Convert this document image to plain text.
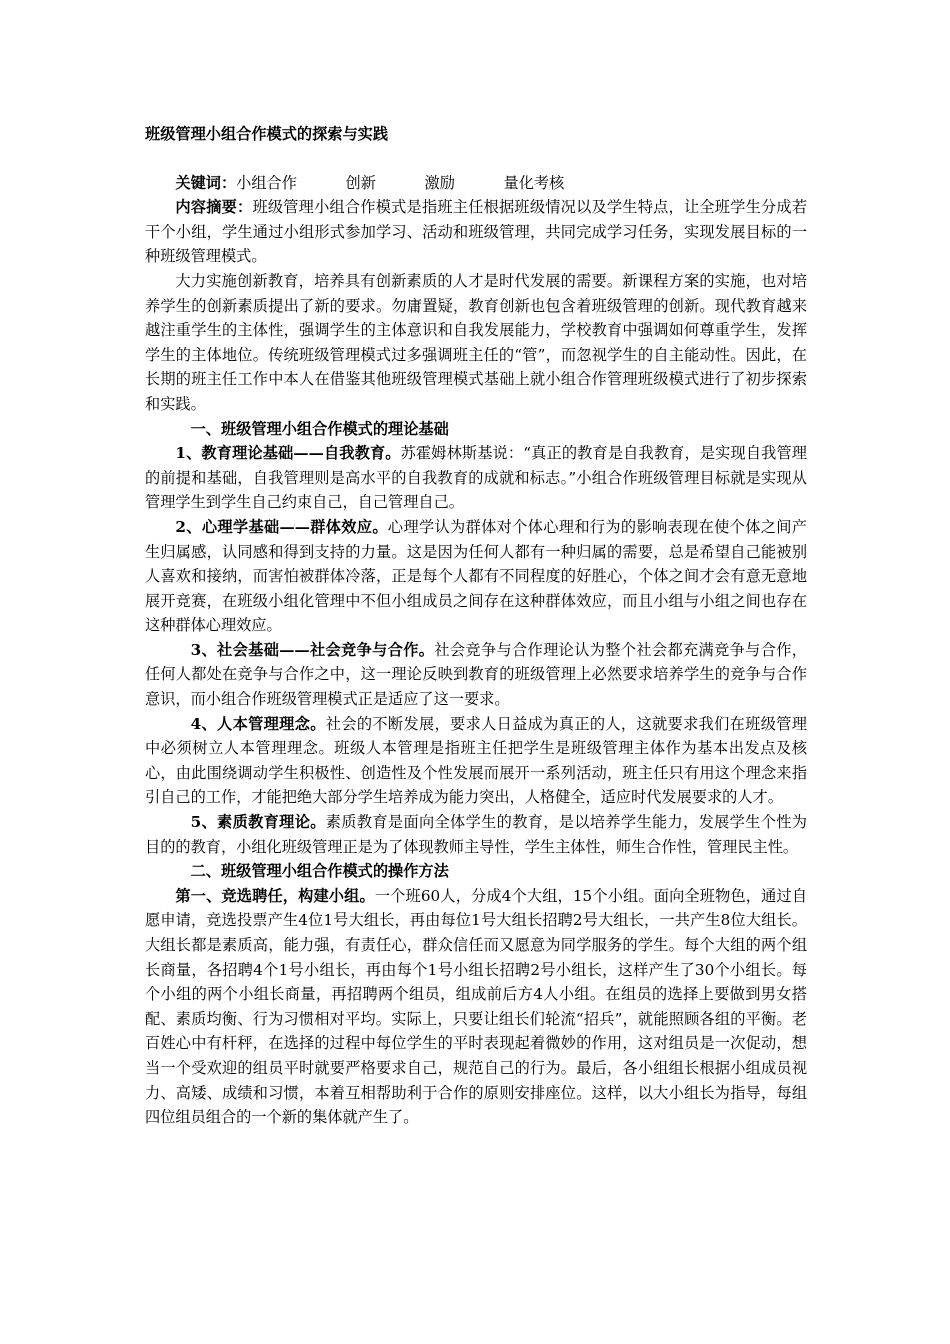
班级管理小组合作模式的探索与实践

关键词：小组合作	创新	激励	量化考核

内容摘要：班级管理小组合作模式是指班主任根据班级情况以及学生特点，让全班学生分成若干个小组，学生通过小组形式参加学习、活动和班级管理，共同完成学习任务，实现发展目标的一种班级管理模式。

大力实施创新教育，培养具有创新素质的人才是时代发展的需要。新课程方案的实施，也对培养学生的创新素质提出了新的要求。勿庸置疑，教育创新也包含着班级管理的创新。现代教育越来越注重学生的主体性，强调学生的主体意识和自我发展能力，学校教育中强调如何尊重学生，发挥学生的主体地位。传统班级管理模式过多强调班主任的“管”，而忽视学生的自主能动性。因此，在长期的班主任工作中本人在借鉴其他班级管理模式基础上就小组合作管理班级模式进行了初步探索和实践。

一、班级管理小组合作模式的理论基础

1、教育理论基础——自我教育。苏霍姆林斯基说：“真正的教育是自我教育，是实现自我管理的前提和基础，自我管理则是高水平的自我教育的成就和标志。”小组合作班级管理目标就是实现从管理学生到学生自己约束自己，自己管理自己。

2、心理学基础——群体效应。心理学认为群体对个体心理和行为的影响表现在使个体之间产生归属感，认同感和得到支持的力量。这是因为任何人都有一种归属的需要，总是希望自己能被别人喜欢和接纳，而害怕被群体冷落，正是每个人都有不同程度的好胜心，个体之间才会有意无意地展开竞赛，在班级小组化管理中不但小组成员之间存在这种群体效应，而且小组与小组之间也存在这种群体心理效应。

3、社会基础——社会竞争与合作。社会竞争与合作理论认为整个社会都充满竞争与合作，任何人都处在竞争与合作之中，这一理论反映到教育的班级管理上必然要求培养学生的竞争与合作意识，而小组合作班级管理模式正是适应了这一要求。

4、人本管理理念。社会的不断发展，要求人日益成为真正的人，这就要求我们在班级管理中必须树立人本管理理念。班级人本管理是指班主任把学生是班级管理主体作为基本出发点及核心，由此围绕调动学生积极性、创造性及个性发展而展开一系列活动，班主任只有用这个理念来指引自己的工作，才能把绝大部分学生培养成为能力突出，人格健全，适应时代发展要求的人才。

5、素质教育理论。素质教育是面向全体学生的教育，是以培养学生能力，发展学生个性为目的的教育，小组化班级管理正是为了体现教师主导性，学生主体性，师生合作性，管理民主性。

二、班级管理小组合作模式的操作方法

第一、竞选聘任，构建小组。一个班60人，分成4个大组，15个小组。面向全班物色，通过自愿申请，竞选投票产生4位1号大组长，再由每位1号大组长招聘2号大组长，一共产生8位大组长。大组长都是素质高，能力强，有责任心，群众信任而又愿意为同学服务的学生。每个大组的两个组长商量，各招聘4个1号小组长，再由每个1号小组长招聘2号小组长，这样产生了30个小组长。每个小组的两个小组长商量，再招聘两个组员，组成前后方4人小组。在组员的选择上要做到男女搭配、素质均衡、行为习惯相对平均。实际上，只要让组长们轮流“招兵”，就能照顾各组的平衡。老百姓心中有杆秤，在选择的过程中每位学生的平时表现起着微妙的作用，这对组员是一次促动，想当一个受欢迎的组员平时就要严格要求自己，规范自己的行为。最后，各小组组长根据小组成员视力、高矮、成绩和习惯，本着互相帮助利于合作的原则安排座位。这样，以大小组长为指导，每组四位组员组合的一个新的集体就产生了。
